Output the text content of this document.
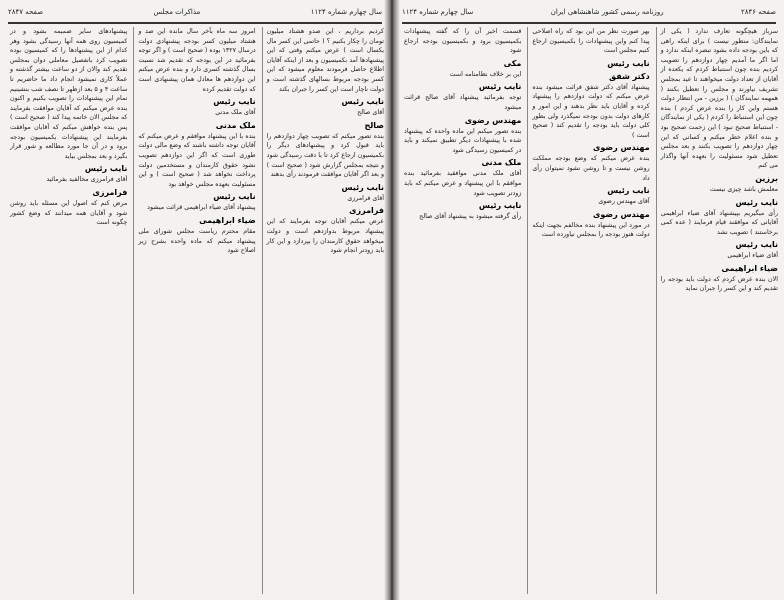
سال چهارم شماره ۱۱۲۴
مذاکرات مجلس
صفحه ۲۸۴۷

کردیم برداریم ، این صدو هشتاد میلیون تومان را چکار بکنیم ؟ ( حاتمی این کسر مال یکسال است ) عرض میکنم وقتی که این پیشنهادها آمد بکمیسیون و بعد از اینکه آقایان اطلاع حاصل فرمودند معلوم میشود که این کسر بودجه مربوط بسالهای گذشته است و دولت ناچار است این کسر را جبران بکند

نایب رئیس

آقای صالح

صالح

بنده تصور میکنم که تصویب چهار دوازدهم را باید قبول کرد و پیشنهادهای دیگر را بکمیسیون ارجاع کرد تا با دقت رسیدگی شود و نتیجه بمجلس گزارش شود ( صحیح است ) و بعد اگر آقایان موافقت فرمودند رأی بدهند

نایب رئیس

آقای فرامرزی

فرامرزی

عرض میکنم آقایان توجه بفرمایند که این پیشنهاد مربوط بدوازدهم است و دولت میخواهد حقوق کارمندان را بپردازد و این کار باید زودتر انجام شود

امروز سه ماه بآخر سال مانده این صد و هشتاد میلیون کسر بودجه پیشنهادی دولت درسال ۱۳۲۷ بوده ( صحیح است ) و اگر توجه بفرمائید در این بودجه که تقدیم شد نسبت بسال گذشته کسری دارد و بنده عرض میکنم این دوازدهم ها معادل همان پیشنهادی است که دولت تقدیم کرده

نایب رئیس

آقای ملک مدنی

ملک مدنی

بنده با این پیشنهاد موافقم و عرض میکنم که آقایان توجه داشته باشند که وضع مالی دولت طوری است که اگر این دوازدهم تصویب نشود حقوق کارمندان و مستخدمین دولت پرداخت نخواهد شد ( صحیح است ) و این مسئولیت بعهده مجلس خواهد بود

نایب رئیس

پیشنهاد آقای ضیاء ابراهیمی قرائت میشود

ضیاء ابراهیمی

مقام محترم ریاست مجلس شورای ملی پیشنهاد میکنم که ماده واحده بشرح زیر اصلاح شود

پیشنهادهای سایر ضمیمه بشود و در کمیسیون روی همه آنها رسیدگی بشود وهر کدام از این پیشنهادها را که کمیسیون بوده تصویب کرد باتفصیل معاملی دوان بمجلس تقدیم کند والان از دو ساعت بیشتر گذشته و عملاً کاری نمیشود انجام داد ما حاضریم تا ساعت ۴ و ۵ بعد ازظهر تا نصف شب بنشینیم تمام این پیشنهادات را تصویب بکنیم و اکنون بنده عرض میکنم که آقایان موافقت بفرمایند که مجلس الان خاتمه پیدا کند ( صحیح است ) پس بنده خواهش میکنم که آقایان موافقت بفرمایند این پیشنهادات بکمیسیون بودجه برود و در آن جا مورد مطالعه و شور قرار بگیرد و بعد بمجلس بیاید

نایب رئیس

آقای فرامرزی مخالفید بفرمائید

فرامرزی

مرض کنم که اصول این مسئله باید روشن شود و آقایان همه میدانند که وضع کشور چگونه است

صفحه ۲۸۴۶
روزنامه رسمی کشور شاهنشاهی ایران
سال چهارم شماره ۱۱۲۴

سرباز هیچگونه تعارف ندارد ( یکی از نمایندگان: منظور نیست ) برای اینکه راهی که باین بودجه داده بشود تبصره اینکه ندارد و اما اگر ما آمدیم چهار دوازدهم را تصویب کردیم بنده چون استنباط کردم که یکعده از آقایان از تعداد دولت میخواهند تا عید بمجلس تشریف نیاورند و مجلس را تعطیل بکنند ( همهمه نمایندگان ) ( برزین - من انتظار دولت هستم واین کار را بنده عرض کردم ) بنده چون این استنباط را کردم ( یکی از نمایندگان - استنباط صحیح نبود ) این زحمت صحیح بود و بنده اعلام خطر میکنم و کسانی که این چهار دوازدهم را تصویب بکنند و بعد مجلس تعطیل شود مسئولیت را بعهده آنها واگذار می کنم

برزین

معلمش باشد چیزی نیست

نایب رئیس

رأی میگیریم بپیشنهاد آقای ضیاء ابراهیمی آقایانی که موافقند قیام فرمایند ( عده کمی برخاستند ) تصویب نشد

نایب رئیس

آقای ضیاء ابراهیمی

ضیاء ابراهیمی

الان بنده عرض کردم که دولت باید بودجه را تقدیم کند و این کسر را جبران نماید

بهر صورت نظر من این بود که راه اصلاحی پیدا کنم واین پیشنهادات را بکمیسیون ارجاع کنیم مجلس است

نایب رئیس
دکتر شفق

پیشنهاد آقای دکتر شفق قرائت میشود بنده عرض میکنم که دولت دوازدهم را پیشنهاد کرده و آقایان باید نظر بدهند و این امور و کارهای دولت بدون بودجه نمیگذرد ولی بطور کلی دولت باید بودجه را تقدیم کند ( صحیح است )

مهندس رضوی

بنده عرض میکنم که وضع بودجه مملکت روشن نیست و تا روشن نشود نمیتوان رأی داد

نایب رئیس

آقای مهندس رضوی

مهندس رضوی

در مورد این پیشنهاد بنده مخالفم بجهت اینکه دولت هنوز بودجه را بمجلس نیاورده است

قسمت اخیر آن را که گفته پیشنهادات بکمیسیون برود و بکمیسیون بودجه ارجاع شود

مکی

این بر خلاف نظامنامه است

نایب رئیس

توجه بفرمائید پیشنهاد آقای صالح قرائت میشود

مهندس رضوی

بنده تصور میکنم این ماده واحده که پیشنهاد شده با پیشنهادات دیگر تطبیق نمیکند و باید در کمیسیون رسیدگی شود

ملک مدنی

آقای ملک مدنی موافقید بفرمائید بنده موافقم با این پیشنهاد و عرض میکنم که باید زودتر تصویب شود

نایب رئیس

رأی گرفته میشود به پیشنهاد آقای صالح
